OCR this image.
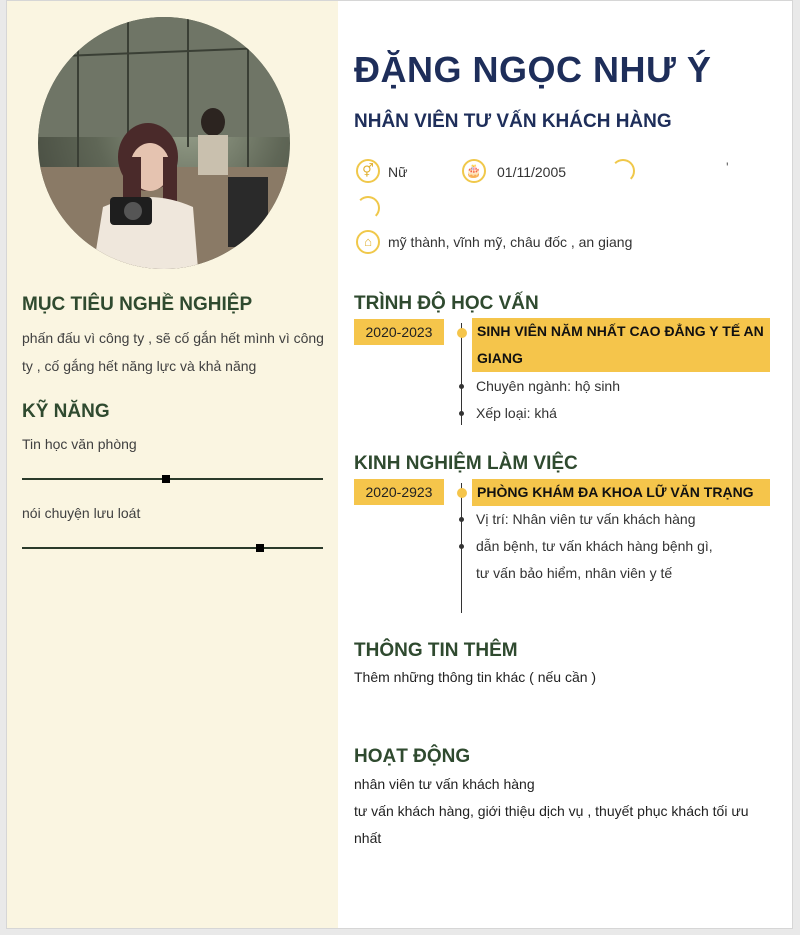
MỤC TIÊU NGHỀ NGHIỆP
phấn đấu vì công ty , sẽ cố gắn hết mình vì công ty , cố gắng hết năng lực và khả năng
KỸ NĂNG
Tin học văn phòng
nói chuyện lưu loát
ĐẶNG NGỌC NHƯ Ý
NHÂN VIÊN TƯ VẤN KHÁCH HÀNG
⚥	Nữ	🎂 01/11/2005	'
⌂	mỹ thành, vĩnh mỹ, châu đốc , an giang
TRÌNH ĐỘ HỌC VẤN
2020-2023	SINH VIÊN NĂM NHẤT CAO ĐẲNG Y TẾ AN GIANG
Chuyên ngành: hộ sinh
Xếp loại: khá
KINH NGHIỆM LÀM VIỆC
2020-2923	PHÒNG KHÁM ĐA KHOA LỮ VĂN TRẠNG
Vị trí: Nhân viên tư vấn khách hàng
dẫn bệnh, tư vấn khách hàng bệnh gì,
tư vấn bảo hiểm, nhân viên y tế
THÔNG TIN THÊM
Thêm những thông tin khác ( nếu cần )
HOẠT ĐỘNG
nhân viên tư vấn khách hàng
tư vấn khách hàng, giới thiệu dịch vụ , thuyết phục khách tối ưu nhất
